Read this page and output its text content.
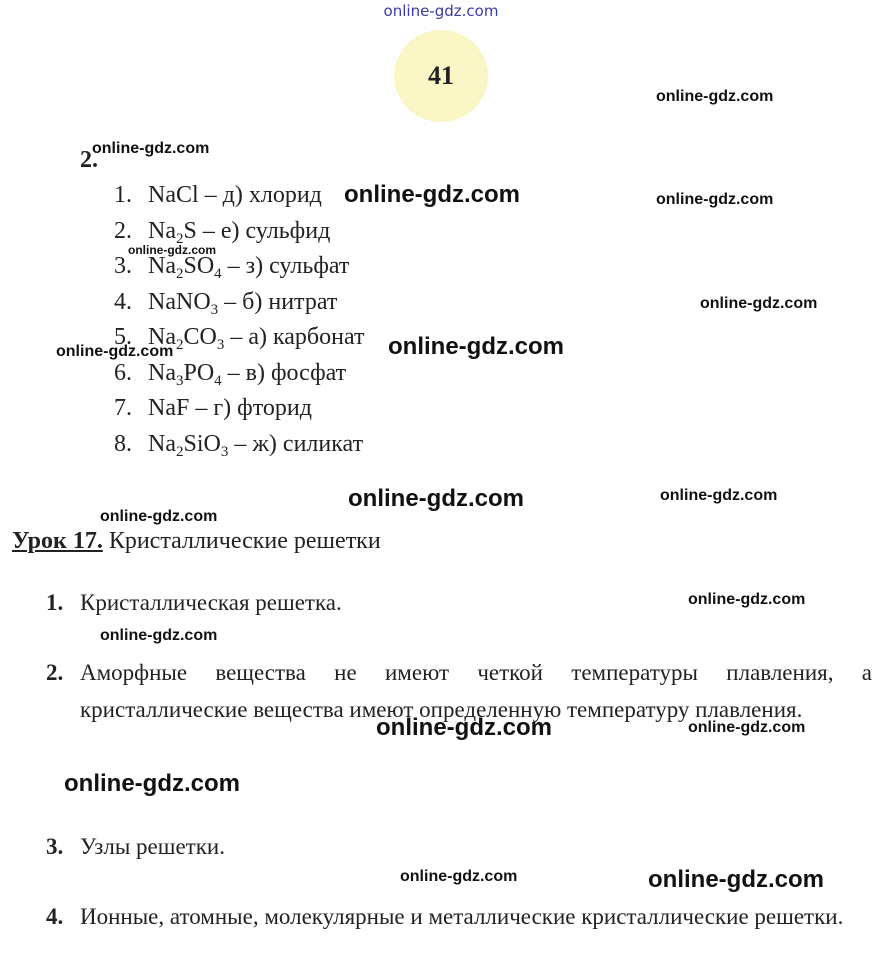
online-gdz.com
41
2.
1. NaCl – д) хлорид
2. $Na_2S - е$) сульфид
3. $Na_2SO_4 - з$) сульфат
4. NaNO$_3$ – б) нитрат
5. $Na_2CO_3 - а$) карбонат
6. $Na_3PO_4 - в$) фосфат
7. NaF – г) фторид
8. $Na_2SiO_3 - ж$) силикат
Урок 17. Кристаллические решетки
1. Кристаллическая решетка.
2. Аморфные вещества не имеют четкой температуры плавления, а кристаллические вещества имеют определенную температуру плавления.
3. Узлы решетки.
4. Ионные, атомные, молекулярные и металлические кристаллические решетки.
online-gdz.com
online-gdz.com
online-gdz.com	online-gdz.com
online-gdz.com
online-gdz.com
online-gdz.com
online-gdz.com
online-gdz.com	online-gdz.com
online-gdz.com
online-gdz.com
online-gdz.com
online-gdz.com	online-gdz.com
online-gdz.com
online-gdz.com	online-gdz.com
